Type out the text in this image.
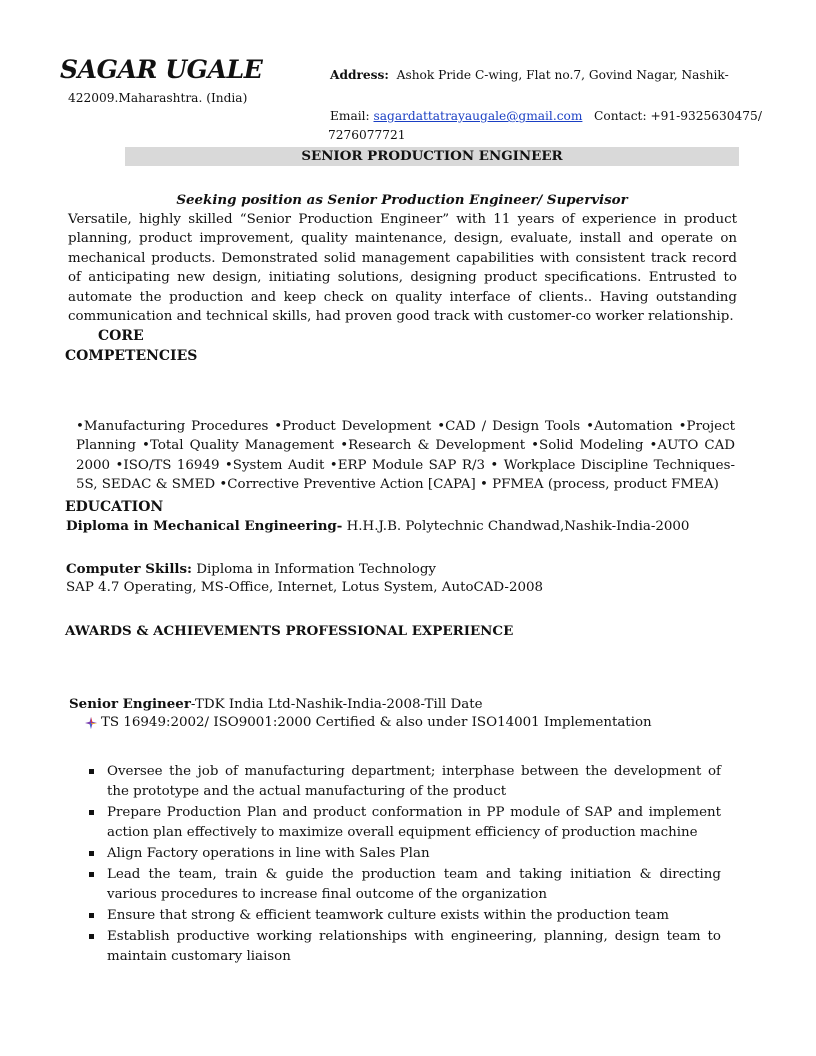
SAGAR UGALE	Address: Ashok Pride C-wing, Flat no.7, Govind Nagar, Nashik-
422009.Maharashtra. (India)
Email: sagardattatrayaugale@gmail.com Contact: +91-9325630475/
7276077721
SENIOR PRODUCTION ENGINEER
Seeking position as Senior Production Engineer/ Supervisor
Versatile, highly skilled “Senior Production Engineer” with 11 years of experience in product planning, product improvement, quality maintenance, design, evaluate, install and operate on mechanical products. Demonstrated solid management capabilities with consistent track record of anticipating new design, initiating solutions, designing product specifications. Entrusted to automate the production and keep check on quality interface of clients.. Having outstanding communication and technical skills, had proven good track with customer-co worker relationship.
CORE
COMPETENCIES
•Manufacturing Procedures •Product Development •CAD / Design Tools •Automation •Project Planning •Total Quality Management •Research & Development •Solid Modeling •AUTO CAD 2000 •ISO/TS 16949 •System Audit •ERP Module SAP R/3 • Workplace Discipline Techniques-5S, SEDAC & SMED •Corrective Preventive Action [CAPA] • PFMEA (process, product FMEA)
EDUCATION
Diploma in Mechanical Engineering- H.H.J.B. Polytechnic Chandwad,Nashik-India-2000
Computer Skills: Diploma in Information Technology
SAP 4.7 Operating, MS-Office, Internet, Lotus System, AutoCAD-2008
AWARDS & ACHIEVEMENTS PROFESSIONAL EXPERIENCE
Senior Engineer-TDK India Ltd-Nashik-India-2008-Till Date
TS 16949:2002/ ISO9001:2000 Certified & also under ISO14001 Implementation
Oversee the job of manufacturing department; interphase between the development of the prototype and the actual manufacturing of the product
Prepare Production Plan and product conformation in PP module of SAP and implement action plan effectively to maximize overall equipment efficiency of production machine
Align Factory operations in line with Sales Plan
Lead the team, train & guide the production team and taking initiation & directing various procedures to increase final outcome of the organization
Ensure that strong & efficient teamwork culture exists within the production team
Establish productive working relationships with engineering, planning, design team to maintain customary liaison
